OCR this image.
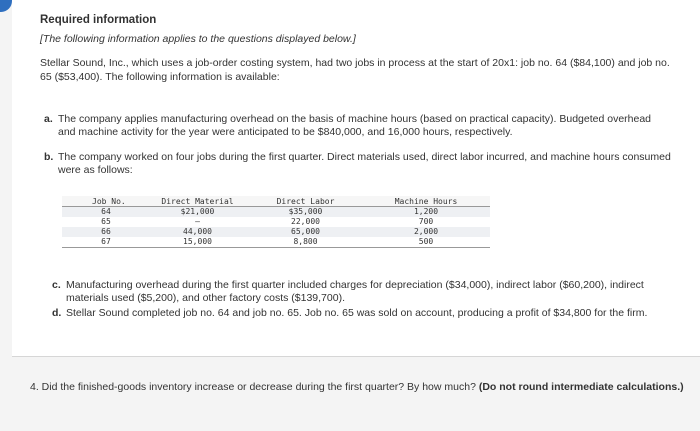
Required information
[The following information applies to the questions displayed below.]
Stellar Sound, Inc., which uses a job-order costing system, had two jobs in process at the start of 20x1: job no. 64 ($84,100) and job no. 65 ($53,400). The following information is available:
a. The company applies manufacturing overhead on the basis of machine hours (based on practical capacity). Budgeted overhead and machine activity for the year were anticipated to be $840,000, and 16,000 hours, respectively.
b. The company worked on four jobs during the first quarter. Direct materials used, direct labor incurred, and machine hours consumed were as follows:
Job No.	Direct Material	Direct Labor	Machine Hours
64	$21,000	$35,000	1,200
65	–	22,000	700
66	44,000	65,000	2,000
67	15,000	8,800	500
c. Manufacturing overhead during the first quarter included charges for depreciation ($34,000), indirect labor ($60,200), indirect materials used ($5,200), and other factory costs ($139,700).
d. Stellar Sound completed job no. 64 and job no. 65. Job no. 65 was sold on account, producing a profit of $34,800 for the firm.
4. Did the finished-goods inventory increase or decrease during the first quarter? By how much? (Do not round intermediate calculations.)
